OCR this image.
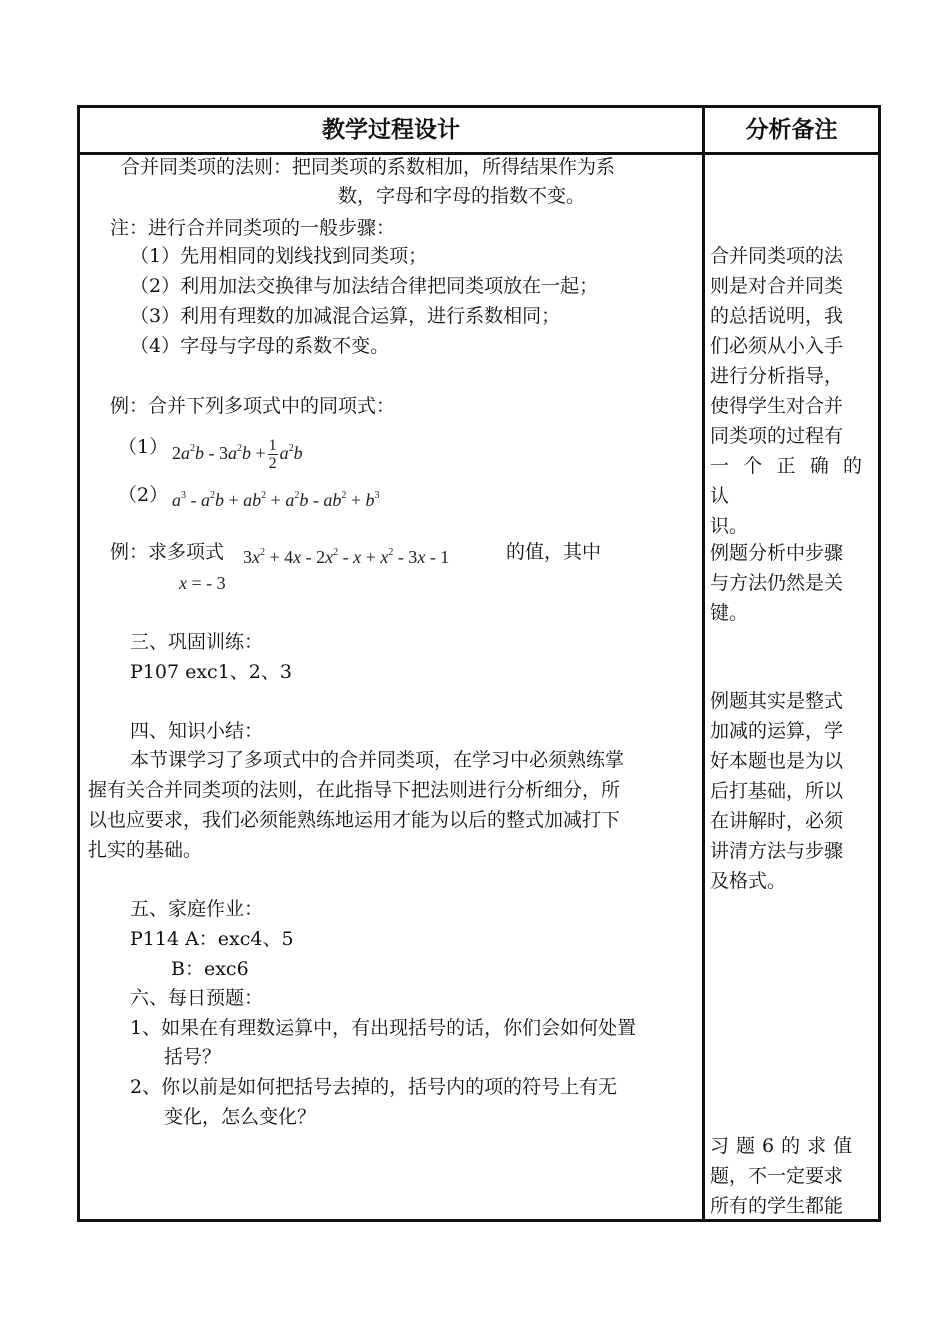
教学过程设计	分析备注
合并同类项的法则：把同类项的系数相加，所得结果作为系
数，字母和字母的指数不变。
注：进行合并同类项的一般步骤：
（1）先用相同的划线找到同类项；
（2）利用加法交换律与加法结合律把同类项放在一起；
（3）利用有理数的加减混合运算，进行系数相同；
（4）字母与字母的系数不变。
例：合并下列多项式中的同项式：
（1） $2a^2b - 3a^2b + \frac{1}{2} a^2b$
（2） $a^3 - a^2b + ab^2 + a^2b - ab^2 + b^3$
例：求多项式 $3x^2 + 4x - 2x^2 - x + x^2 - 3x - 1$	的值，其中
x = - 3
三、巩固训练：
P107 exc1、2、3
四、知识小结：
本节课学习了多项式中的合并同类项，在学习中必须熟练掌
握有关合并同类项的法则，在此指导下把法则进行分析细分，所
以也应要求，我们必须能熟练地运用才能为以后的整式加减打下
扎实的基础。
五、家庭作业：
P114 A：exc4、5
B：exc6
六、每日预题：
1、如果在有理数运算中，有出现括号的话，你们会如何处置
括号？
2、你以前是如何把括号去掉的，括号内的项的符号上有无
变化，怎么变化？
合并同类项的法
则是对合并同类
的总括说明，我
们必须从小入手
进行分析指导，
使得学生对合并
同类项的过程有
一个正确的认
识。
例题分析中步骤
与方法仍然是关
键。
例题其实是整式
加减的运算，学
好本题也是为以
后打基础，所以
在讲解时，必须
讲清方法与步骤
及格式。
习题6的求值
题，不一定要求
所有的学生都能
